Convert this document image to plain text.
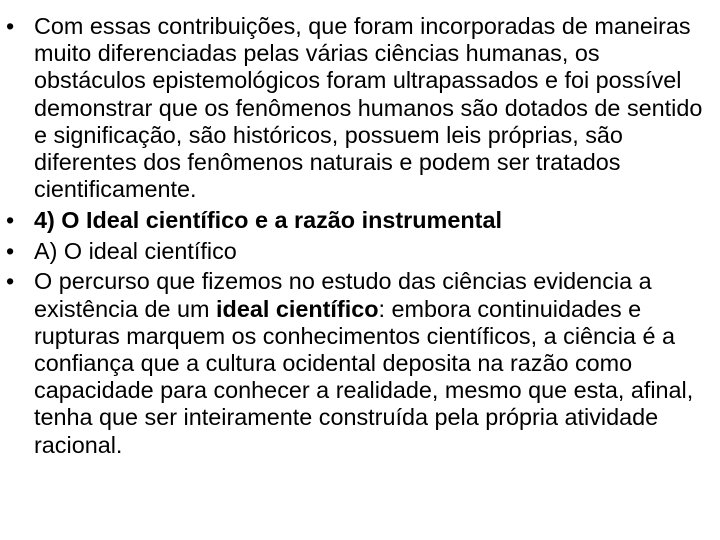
• Com essas contribuições, que foram incorporadas de maneiras muito diferenciadas pelas várias ciências humanas, os obstáculos epistemológicos foram ultrapassados e foi possível demonstrar que os fenômenos humanos são dotados de sentido e significação, são históricos, possuem leis próprias, são diferentes dos fenômenos naturais e podem ser tratados cientificamente.
• 4) O Ideal científico e a razão instrumental
• A) O ideal científico
• O percurso que fizemos no estudo das ciências evidencia a existência de um ideal científico: embora continuidades e rupturas marquem os conhecimentos científicos, a ciência é a confiança que a cultura ocidental deposita na razão como capacidade para conhecer a realidade, mesmo que esta, afinal, tenha que ser inteiramente construída pela própria atividade racional.
